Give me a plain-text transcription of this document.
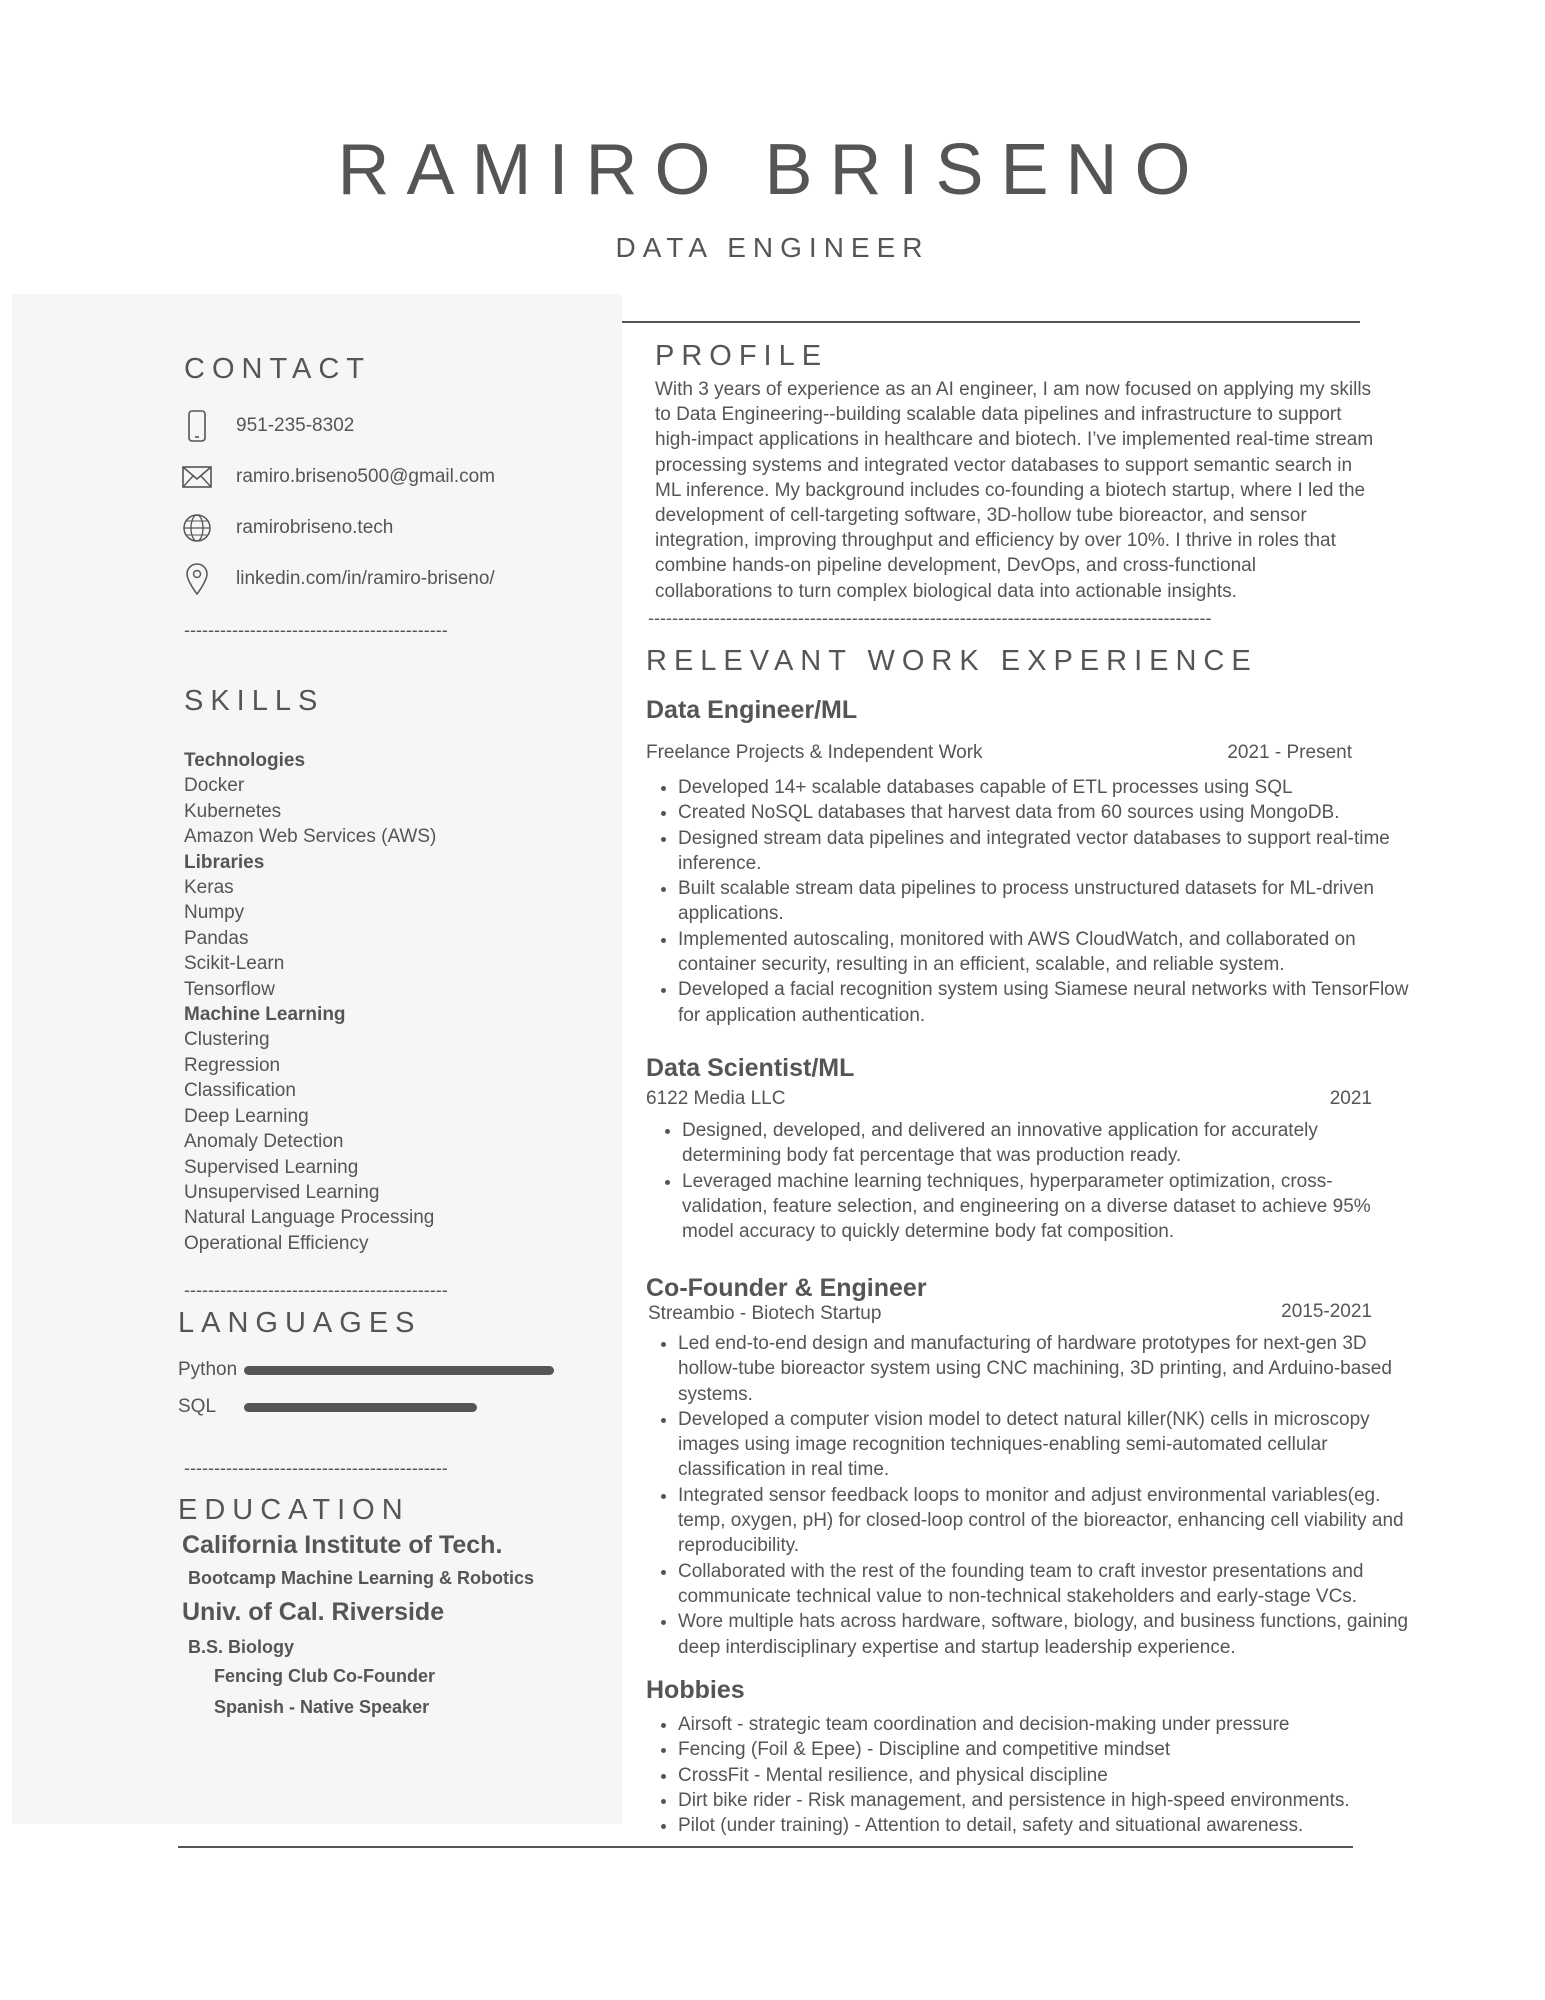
RAMIRO BRISENO
DATA ENGINEER
CONTACT
951-235-8302
ramiro.briseno500@gmail.com
ramirobriseno.tech
linkedin.com/in/ramiro-briseno/
--------------------------------------------
SKILLS
Technologies
Docker
Kubernetes
Amazon Web Services (AWS)
Libraries
Keras
Numpy
Pandas
Scikit-Learn
Tensorflow
Machine Learning
Clustering
Regression
Classification
Deep Learning
Anomaly Detection
Supervised Learning
Unsupervised Learning
Natural Language Processing
Operational Efficiency
--------------------------------------------
LANGUAGES
Python
SQL
--------------------------------------------
EDUCATION
California Institute of Tech.
Bootcamp Machine Learning & Robotics
Univ. of Cal. Riverside
B.S. Biology
Fencing Club Co-Founder
Spanish - Native Speaker
PROFILE
With 3 years of experience as an AI engineer, I am now focused on applying my skills to Data Engineering--building scalable data pipelines and infrastructure to support high-impact applications in healthcare and biotech. I’ve implemented real-time stream processing systems and integrated vector databases to support semantic search in ML inference. My background includes co-founding a biotech startup, where I led the development of cell-targeting software, 3D-hollow tube bioreactor, and sensor integration, improving throughput and efficiency by over 10%. I thrive in roles that combine hands-on pipeline development, DevOps, and cross-functional collaborations to turn complex biological data into actionable insights.
----------------------------------------------------------------------------------------------
RELEVANT WORK EXPERIENCE
Data Engineer/ML
Freelance Projects & Independent Work	2021 - Present
• Developed 14+ scalable databases capable of ETL processes using SQL
• Created NoSQL databases that harvest data from 60 sources using MongoDB.
• Designed stream data pipelines and integrated vector databases to support real-time inference.
• Built scalable stream data pipelines to process unstructured datasets for ML-driven applications.
• Implemented autoscaling, monitored with AWS CloudWatch, and collaborated on container security, resulting in an efficient, scalable, and reliable system.
• Developed a facial recognition system using Siamese neural networks with TensorFlow for application authentication.
Data Scientist/ML
6122 Media LLC	2021
• Designed, developed, and delivered an innovative application for accurately determining body fat percentage that was production ready.
• Leveraged machine learning techniques, hyperparameter optimization, cross-validation, feature selection, and engineering on a diverse dataset to achieve 95% model accuracy to quickly determine body fat composition.
Co-Founder & Engineer
Streambio - Biotech Startup	2015-2021
• Led end-to-end design and manufacturing of hardware prototypes for next-gen 3D hollow-tube bioreactor system using CNC machining, 3D printing, and Arduino-based systems.
• Developed a computer vision model to detect natural killer(NK) cells in microscopy images using image recognition techniques-enabling semi-automated cellular classification in real time.
• Integrated sensor feedback loops to monitor and adjust environmental variables(eg. temp, oxygen, pH) for closed-loop control of the bioreactor, enhancing cell viability and reproducibility.
• Collaborated with the rest of the founding team to craft investor presentations and communicate technical value to non-technical stakeholders and early-stage VCs.
• Wore multiple hats across hardware, software, biology, and business functions, gaining deep interdisciplinary expertise and startup leadership experience.
Hobbies
• Airsoft - strategic team coordination and decision-making under pressure
• Fencing (Foil & Epee) - Discipline and competitive mindset
• CrossFit - Mental resilience, and physical discipline
• Dirt bike rider - Risk management, and persistence in high-speed environments.
• Pilot (under training) - Attention to detail, safety and situational awareness.
